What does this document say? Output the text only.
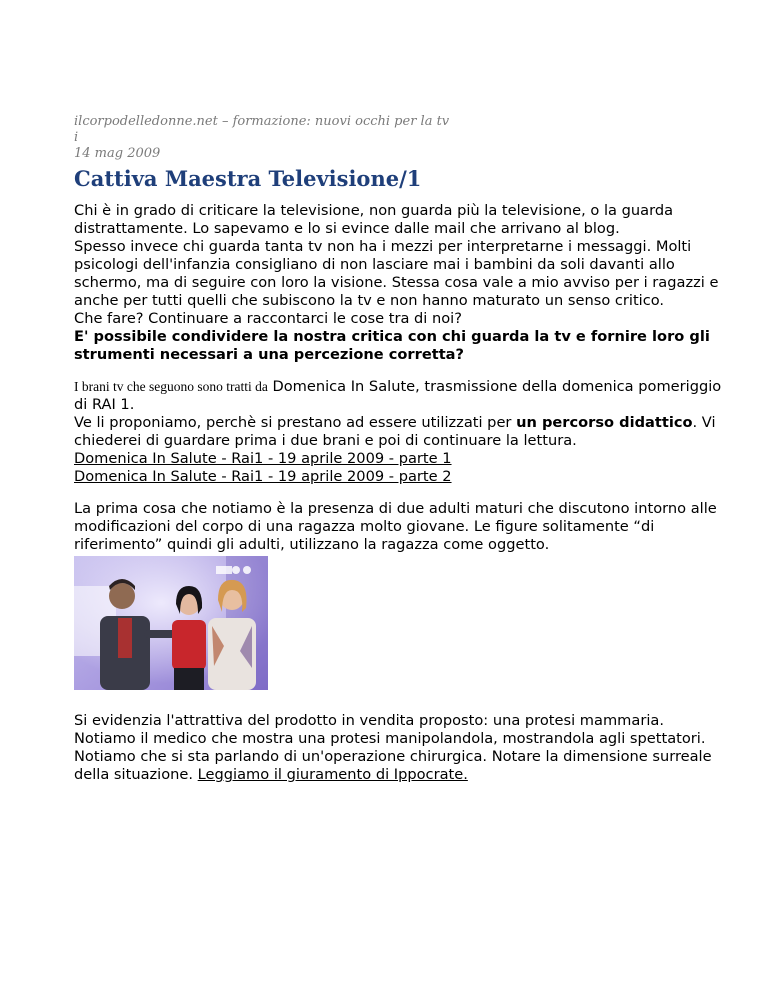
ilcorpodelledonne.net – formazione: nuovi occhi per la tv
i
14 mag 2009
Cattiva Maestra Televisione/1

Chi è in grado di criticare la televisione, non guarda più la televisione, o la guarda distrattamente. Lo sapevamo e lo si evince dalle mail che arrivano al blog.

Spesso invece chi guarda tanta tv non ha i mezzi per interpretarne i messaggi. Molti psicologi dell'infanzia consigliano di non lasciare mai i bambini da soli davanti allo schermo, ma di seguire con loro la visione. Stessa cosa vale a mio avviso per i ragazzi e anche per tutti quelli che subiscono la tv e non hanno maturato un senso critico.

Che fare? Continuare a raccontarci le cose tra di noi?

E' possibile condividere la nostra critica con chi guarda la tv e fornire loro gli strumenti necessari a una percezione corretta?

I brani tv che seguono sono tratti da Domenica In Salute, trasmissione della domenica pomeriggio di RAI 1.

Ve li proponiamo, perchè si prestano ad essere utilizzati per un percorso didattico. Vi chiederei di guardare prima i due brani e poi di continuare la lettura.

Domenica In Salute - Rai1 - 19 aprile 2009 - parte 1

Domenica In Salute - Rai1 - 19 aprile 2009 - parte 2

La prima cosa che notiamo è la presenza di due adulti maturi che discutono intorno alle modificazioni del corpo di una ragazza molto giovane. Le figure solitamente “di riferimento” quindi gli adulti, utilizzano la ragazza come oggetto.

Si evidenzia l'attrattiva del prodotto in vendita proposto: una protesi mammaria. Notiamo il medico che mostra una protesi manipolandola, mostrandola agli spettatori. Notiamo che si sta parlando di un'operazione chirurgica. Notare la dimensione surreale della situazione. Leggiamo il giuramento di Ippocrate.
